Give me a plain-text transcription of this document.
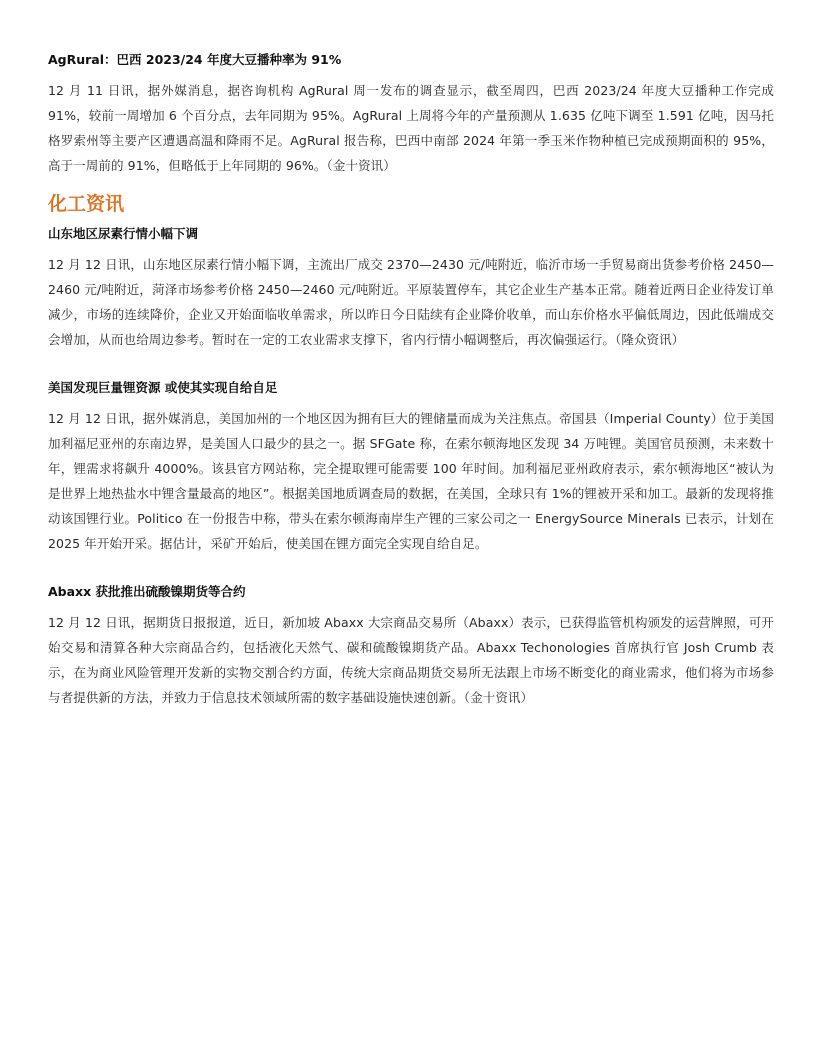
AgRural：巴西 2023/24 年度大豆播种率为 91%

12 月 11 日讯，据外媒消息，据咨询机构 AgRural 周一发布的调查显示，截至周四，巴西 2023/24 年度大豆播种工作完成 91%，较前一周增加 6 个百分点，去年同期为 95%。AgRural 上周将今年的产量预测从 1.635 亿吨下调至 1.591 亿吨，因马托格罗索州等主要产区遭遇高温和降雨不足。AgRural 报告称，巴西中南部 2024 年第一季玉米作物种植已完成预期面积的 95%，高于一周前的 91%，但略低于上年同期的 96%。（金十资讯）

化工资讯

山东地区尿素行情小幅下调

12 月 12 日讯，山东地区尿素行情小幅下调，主流出厂成交 2370—2430 元/吨附近，临沂市场一手贸易商出货参考价格 2450—2460 元/吨附近，菏泽市场参考价格 2450—2460 元/吨附近。平原装置停车，其它企业生产基本正常。随着近两日企业待发订单减少，市场的连续降价，企业又开始面临收单需求，所以昨日今日陆续有企业降价收单，而山东价格水平偏低周边，因此低端成交会增加，从而也给周边参考。暂时在一定的工农业需求支撑下，省内行情小幅调整后，再次偏强运行。（隆众资讯）

美国发现巨量锂资源 或使其实现自给自足

12 月 12 日讯，据外媒消息，美国加州的一个地区因为拥有巨大的锂储量而成为关注焦点。帝国县（Imperial County）位于美国加利福尼亚州的东南边界，是美国人口最少的县之一。据 SFGate 称，在索尔顿海地区发现 34 万吨锂。美国官员预测，未来数十年，锂需求将飙升 4000%。该县官方网站称，完全提取锂可能需要 100 年时间。加利福尼亚州政府表示，索尔顿海地区“被认为是世界上地热盐水中锂含量最高的地区”。根据美国地质调查局的数据，在美国，全球只有 1%的锂被开采和加工。最新的发现将推动该国锂行业。Politico 在一份报告中称，带头在索尔顿海南岸生产锂的三家公司之一 EnergySource Minerals 已表示，计划在 2025 年开始开采。据估计，采矿开始后，使美国在锂方面完全实现自给自足。

Abaxx 获批推出硫酸镍期货等合约

12 月 12 日讯，据期货日报报道，近日，新加坡 Abaxx 大宗商品交易所（Abaxx）表示，已获得监管机构颁发的运营牌照，可开始交易和清算各种大宗商品合约，包括液化天然气、碳和硫酸镍期货产品。Abaxx Techonologies 首席执行官 Josh Crumb 表示，在为商业风险管理开发新的实物交割合约方面，传统大宗商品期货交易所无法跟上市场不断变化的商业需求，他们将为市场参与者提供新的方法，并致力于信息技术领域所需的数字基础设施快速创新。（金十资讯）
